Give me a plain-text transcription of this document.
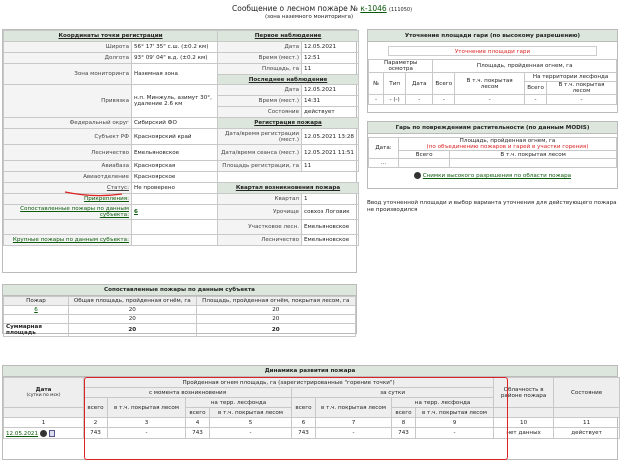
Сообщение о лесном пожаре № к-1046 (111050)
(зона наземного мониторинга)
Координаты точки регистрации		Первое наблюдение	
Широта	56° 17' 35" с.ш. (±0.2 км)	Дата	12.05.2021
Долгота	93° 09' 04" в.д. (±0.2 км)	Время (мест.)	12:51
Зона мониторинга	Наземная зона	Площадь, га	11
		Последнее наблюдение	
Привязка	н.п. Минжуль, азимут 30°, удаление 2.6 км	Дата	12.05.2021
		Время (мест.)	14:31
		Состояние	действует
Федеральный округ	Сибирский ФО	Регистрация пожара	
Субъект РФ	Красноярский край	Дата/время регистрации (мест.)	12.05.2021 13:28
Лесничество	Емельяновское	Дата/время сеанса (мест.)	12.05.2021 11:51
Авиабаза	Красноярская	Площадь регистрации, га	11
Авиаотделение	Красноярское		
Статус:	Не проверено	Квартал возникновения пожара	
Прикрепления:		Квартал	1
Сопоставленные пожары по данным субъекта:	6	Урочище	совхоз Логовик
		Участковое лесн.	Емельяновское
Крупные пожары по данным субъекта:		Лесничество	Емельяновское
Уточнение площади гари (по высокому разрешению)
Уточнение площади гари
Параметры осмотра			Площадь, пройденная огнем, га			
№	Тип	Дата	Всего	В т.ч. покрытая лесом	На территории лесфонда	
					Всего	В т.ч. покрытая лесом
-	- (-)	-	-	-	-	-
Гарь по повреждениям растительности (по данным MODIS)
Дата:	Площадь, пройденная огнем, га
(по объединению пожаров и гарей в участки горения)	

	Всего	В т.ч. покрытая лесом
...		
Снимки высокого разрешения по области пожара
Ввод уточненной площади и выбор варианта уточнения для действующего пожара не производился
Сопоставленные пожары по данным субъекта
Пожар	Общая площадь, пройденная огнём, га	Площадь, пройденная огнём, покрытая лесом, га
6	20	20
	20	20
Суммарная площадь	20	20
Динамика развития пожара
Дата
(сутки по мск)	Пройденная огнем площадь, га (зарегистрированные "горение точки")								Облачность в районе пожара	Состояние
	с момента возникновения				за сутки					
	всего	в т.ч. покрытая лесом	на терр. лесфонда		всего	в т.ч. покрытая лесом	на терр. лесфонда			
			всего	в т.ч. покрытая лесом			всего	в т.ч. покрытая лесом		
1	2	3	4	5	6	7	8	9	10	11
12.05.2021	743	-	743	-	743	-	743	-	нет данных	действует
